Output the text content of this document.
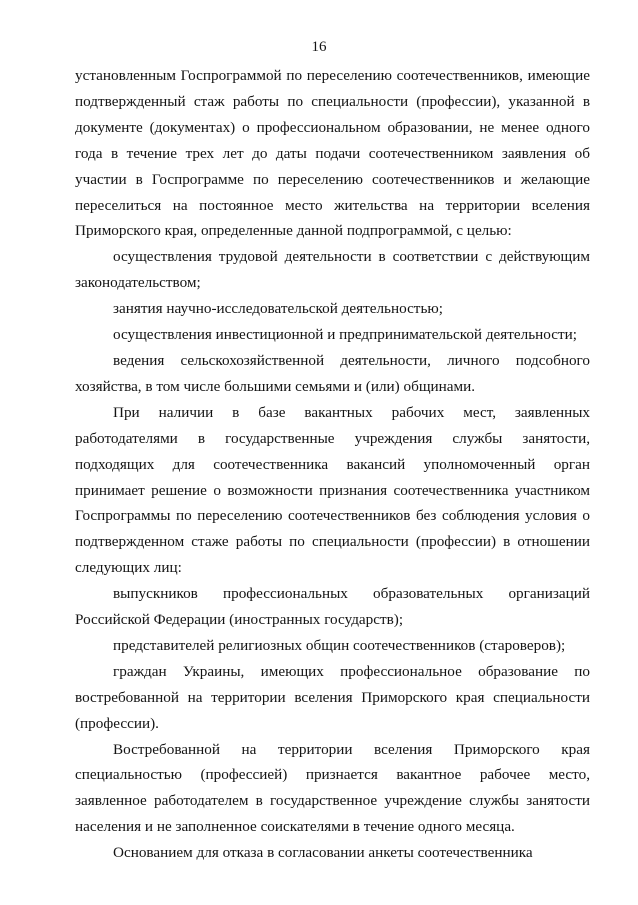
16

установленным Госпрограммой по переселению соотечественников, имеющие подтвержденный стаж работы по специальности (профессии), указанной в документе (документах) о профессиональном образовании, не менее одного года в течение трех лет до даты подачи соотечественником заявления об участии в Госпрограмме по переселению соотечественников и желающие переселиться на постоянное место жительства на территории вселения Приморского края, определенные данной подпрограммой, с целью:

осуществления трудовой деятельности в соответствии с действующим законодательством;

занятия научно-исследовательской деятельностью;

осуществления инвестиционной и предпринимательской деятельности;

ведения сельскохозяйственной деятельности, личного подсобного хозяйства, в том числе большими семьями и (или) общинами.

При наличии в базе вакантных рабочих мест, заявленных работодателями в государственные учреждения службы занятости, подходящих для соотечественника вакансий уполномоченный орган принимает решение о возможности признания соотечественника участником Госпрограммы по переселению соотечественников без соблюдения условия о подтвержденном стаже работы по специальности (профессии) в отношении следующих лиц:

выпускников профессиональных образовательных организаций Российской Федерации (иностранных государств);

представителей религиозных общин соотечественников (староверов);

граждан Украины, имеющих профессиональное образование по востребованной на территории вселения Приморского края специальности (профессии).

Востребованной на территории вселения Приморского края специальностью (профессией) признается вакантное рабочее место, заявленное работодателем в государственное учреждение службы занятости населения и не заполненное соискателями в течение одного месяца.

Основанием для отказа в согласовании анкеты соотечественника
